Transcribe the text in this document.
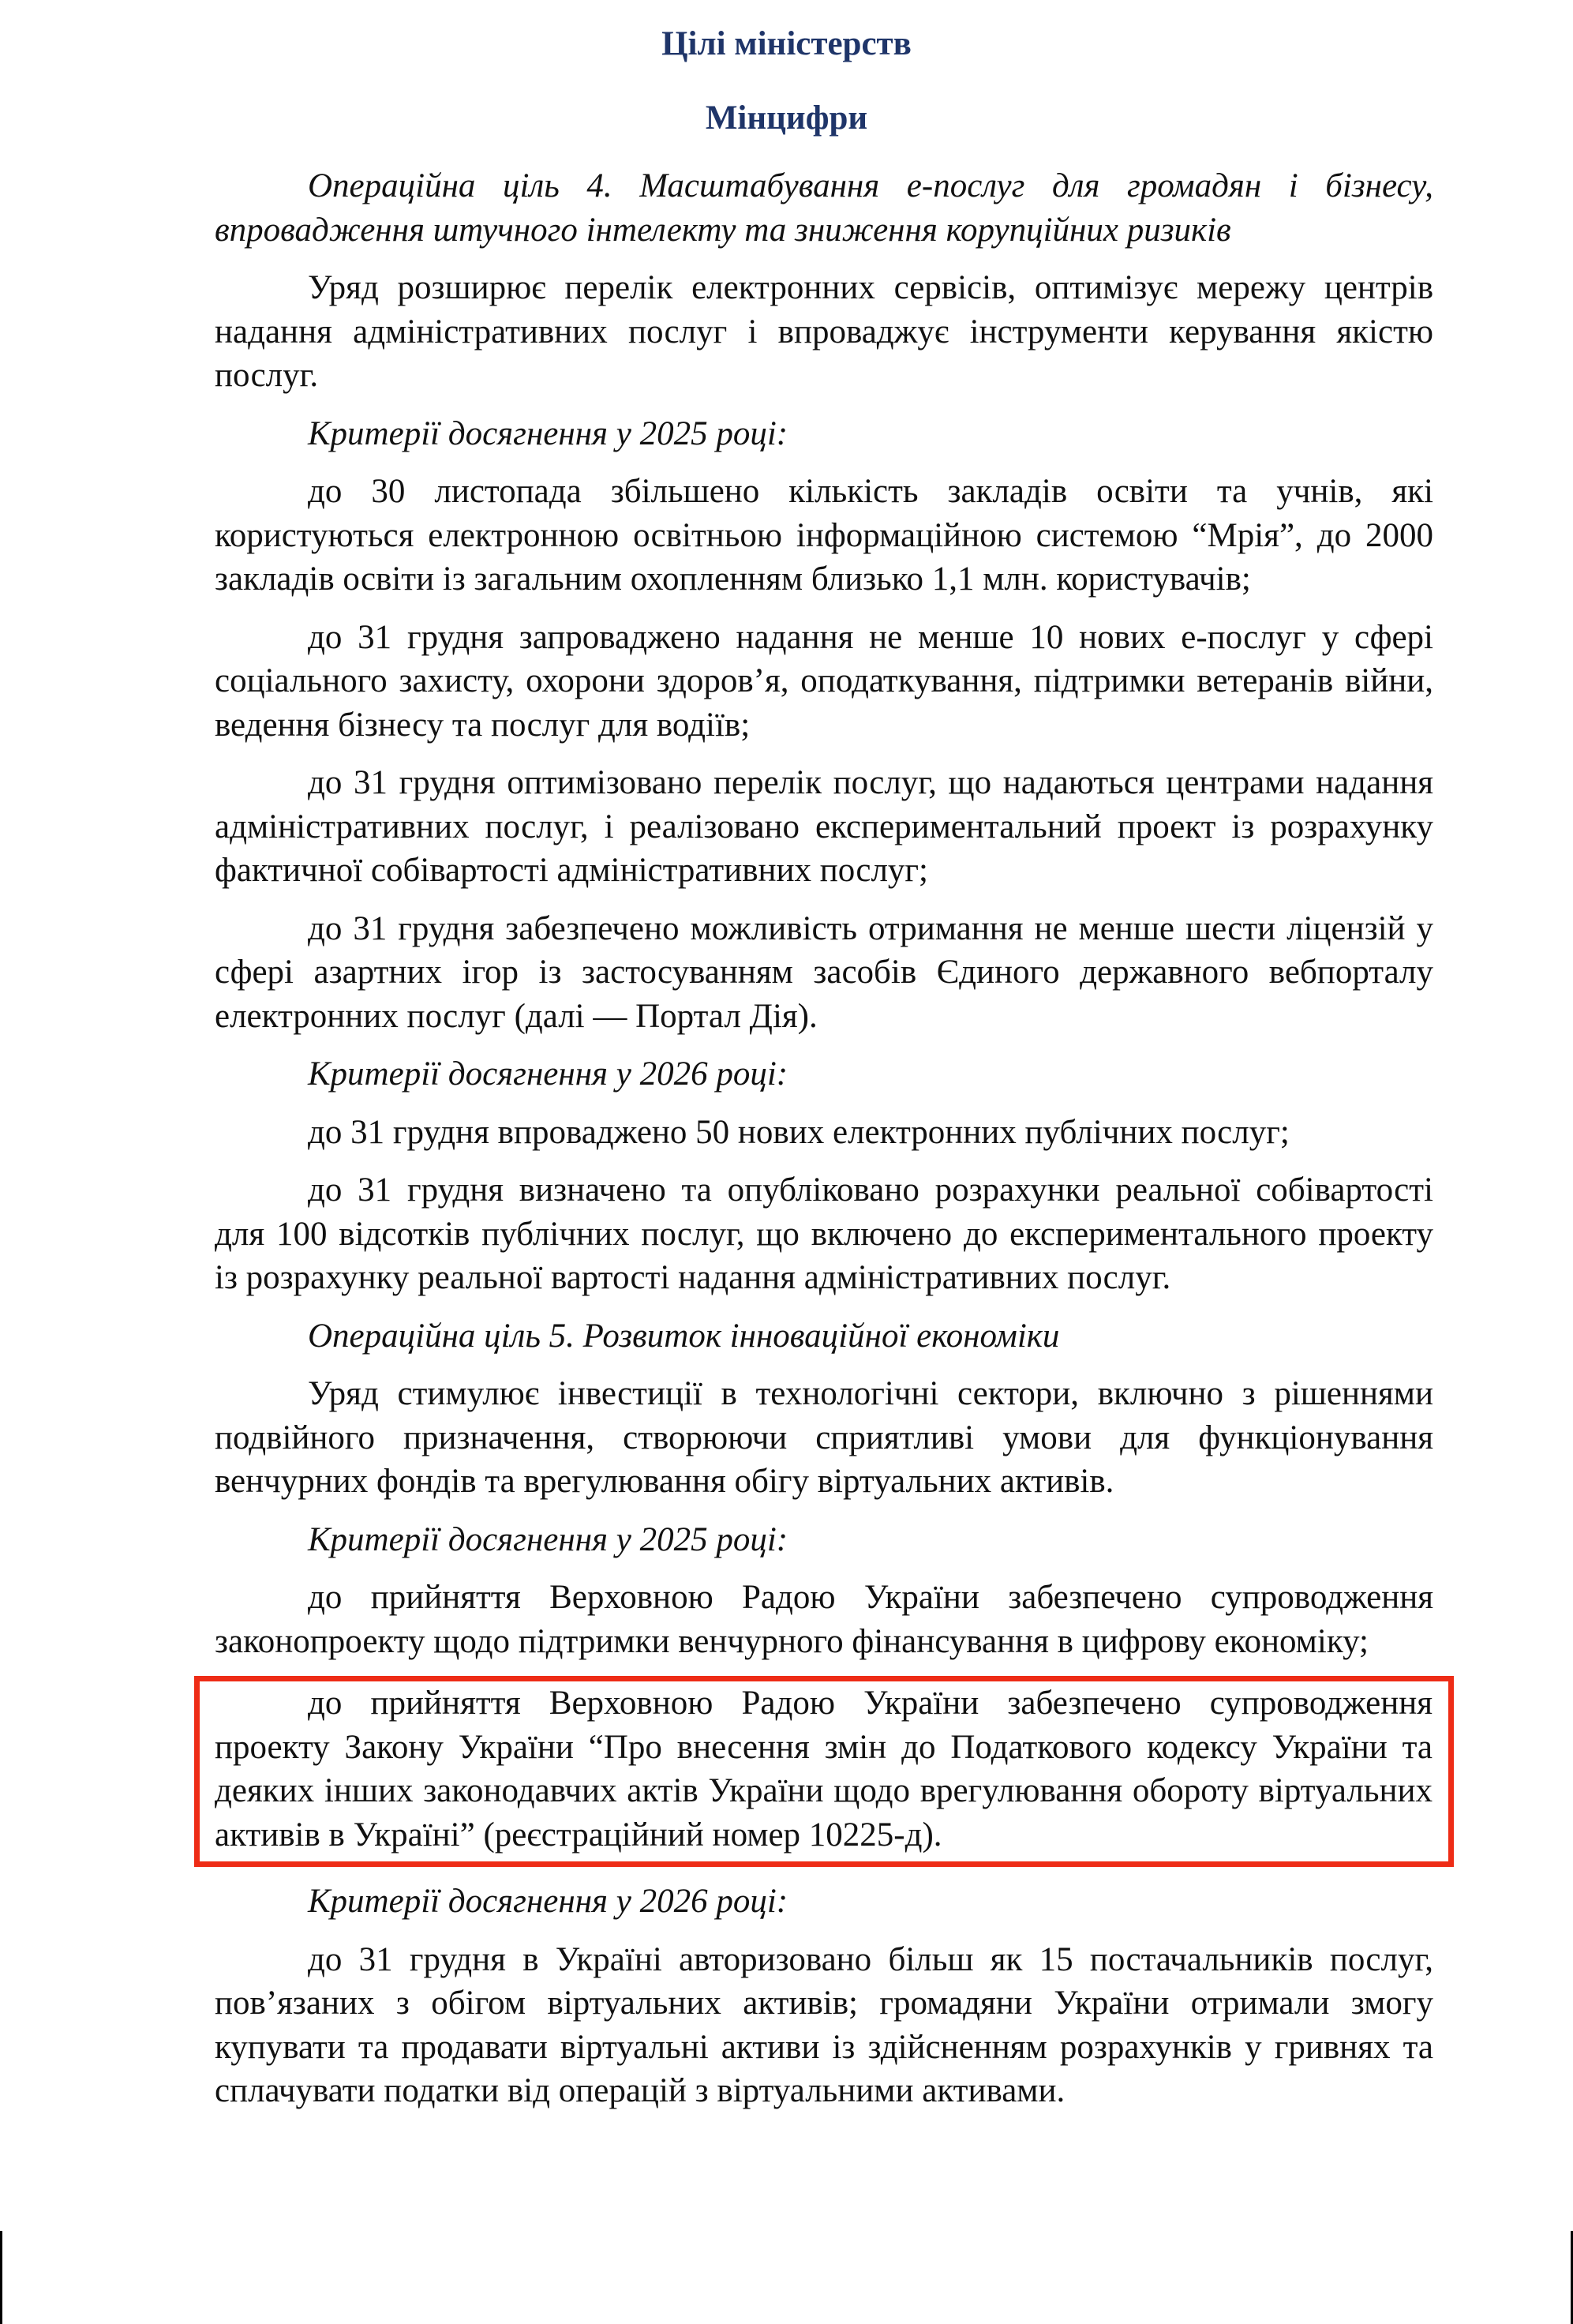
Цілі міністерств
Мінцифри

Операційна ціль 4. Масштабування е-послуг для громадян і бізнесу, впровадження штучного інтелекту та зниження корупційних ризиків

Уряд розширює перелік електронних сервісів, оптимізує мережу центрів надання адміністративних послуг і впроваджує інструменти керування якістю послуг.

Критерії досягнення у 2025 році:

до 30 листопада збільшено кількість закладів освіти та учнів, які користуються електронною освітньою інформаційною системою “Мрія”, до 2000 закладів освіти із загальним охопленням близько 1,1 млн. користувачів;

до 31 грудня запроваджено надання не менше 10 нових е-послуг у сфері соціального захисту, охорони здоров’я, оподаткування, підтримки ветеранів війни, ведення бізнесу та послуг для водіїв;

до 31 грудня оптимізовано перелік послуг, що надаються центрами надання адміністративних послуг, і реалізовано експериментальний проект із розрахунку фактичної собівартості адміністративних послуг;

до 31 грудня забезпечено можливість отримання не менше шести ліцензій у сфері азартних ігор із застосуванням засобів Єдиного державного вебпорталу електронних послуг (далі — Портал Дія).

Критерії досягнення у 2026 році:

до 31 грудня впроваджено 50 нових електронних публічних послуг;

до 31 грудня визначено та опубліковано розрахунки реальної собівартості для 100 відсотків публічних послуг, що включено до експериментального проекту із розрахунку реальної вартості надання адміністративних послуг.

Операційна ціль 5. Розвиток інноваційної економіки

Уряд стимулює інвестиції в технологічні сектори, включно з рішеннями подвійного призначення, створюючи сприятливі умови для функціонування венчурних фондів та врегулювання обігу віртуальних активів.

Критерії досягнення у 2025 році:

до прийняття Верховною Радою України забезпечено супроводження законопроекту щодо підтримки венчурного фінансування в цифрову економіку;

до прийняття Верховною Радою України забезпечено супроводження проекту Закону України “Про внесення змін до Податкового кодексу України та деяких інших законодавчих актів України щодо врегулювання обороту віртуальних активів в Україні” (реєстраційний номер 10225-д).

Критерії досягнення у 2026 році:

до 31 грудня в Україні авторизовано більш як 15 постачальників послуг, пов’язаних з обігом віртуальних активів; громадяни України отримали змогу купувати та продавати віртуальні активи із здійсненням розрахунків у гривнях та сплачувати податки від операцій з віртуальними активами.
